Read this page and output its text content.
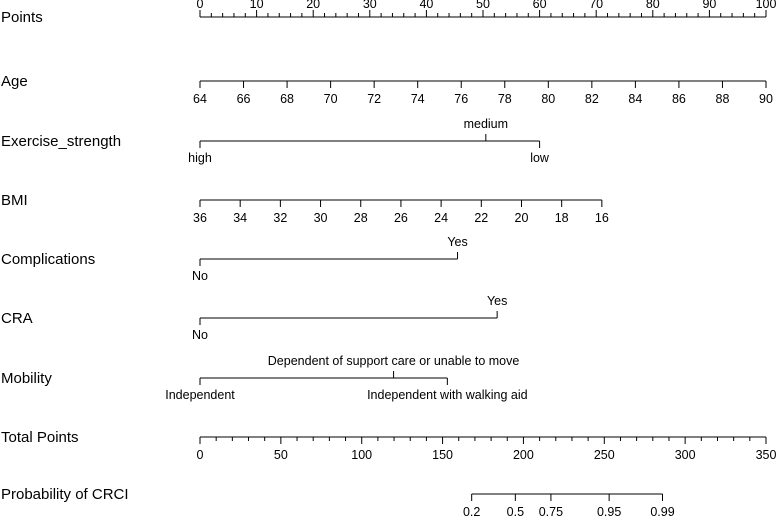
Points
0	10	20	30	40	50	60	70	80	90	100
Age
64 66 68 70 72 74 76 78 80 82 84 86 88 90
Exercise_strength
high
medium
low
BMI
36 34 32 30 28 26 24 22 20 18 16
Complications
No
Yes
CRA
No
Yes
Mobility
Independent
Dependent of support care or unable to move
Independent with walking aid
Total Points
0	50	100	150	200	250	300	350
Probability of CRCI
0.2 0.5 0.75	0.95 0.99
